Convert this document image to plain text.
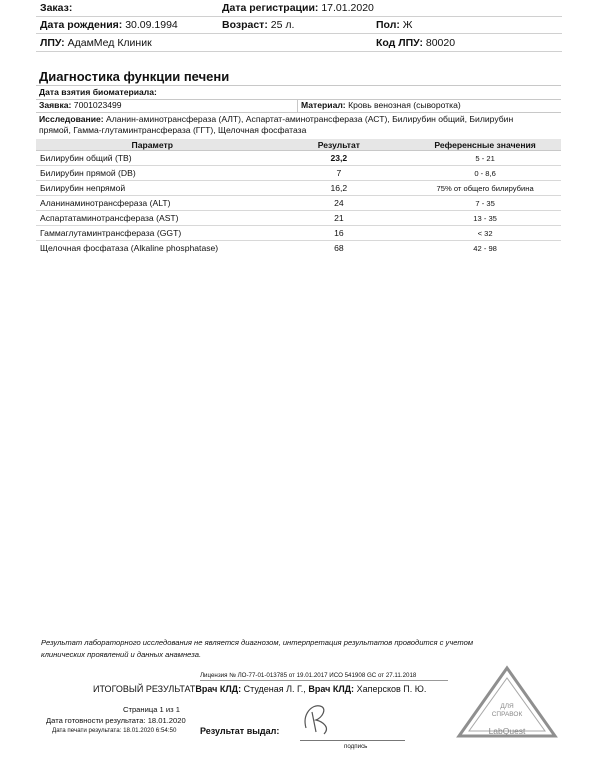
Заказ:	Дата регистрации: 17.01.2020
Дата рождения: 30.09.1994	Возраст: 25 л.	Пол: Ж
ЛПУ: АдамМед Клиник	Код ЛПУ: 80020
Диагностика функции печени
Дата взятия биоматериала:
Заявка: 7001023499	Материал: Кровь венозная (сыворотка)
Исследование: Аланин-аминотрансфераза (АЛТ), Аспартат-аминотрансфераза (АСТ), Билирубин общий, Билирубин
прямой, Гамма-глутаминтрансфераза (ГГТ), Щелочная фосфатаза
Параметр	Результат	Референсные значения
Билирубин общий (TB)	23,2	5 - 21
Билирубин прямой (DB)	7	0 - 8,6
Билирубин непрямой	16,2	75% от общего билирубина
Аланинаминотрансфераза (ALT)	24	7 - 35
Аспартатаминотрансфераза (AST)	21	13 - 35
Гаммаглутаминтрансфераза (GGT)	16	< 32
Щелочная фосфатаза (Alkaline phosphatase)	68	42 - 98
Результат лабораторного исследования не является диагнозом, интерпретация результатов проводится с учетом
клинических проявлений и данных анамнеза.
Лицензия № ЛО-77-01-013785 от 19.01.2017 ИСО 541908 GC от 27.11.2018
ИТОГОВЫЙ РЕЗУЛЬТАТВрач КЛД: Студеная Л. Г., Врач КЛД: Хаперсков П. Ю.
Страница 1 из 1
Дата готовности результата: 18.01.2020
Дата печати результата: 18.01.2020 6:54:50	Результат выдал:
подпись
ДЛЯ
СПРАВОК
LabQuest
